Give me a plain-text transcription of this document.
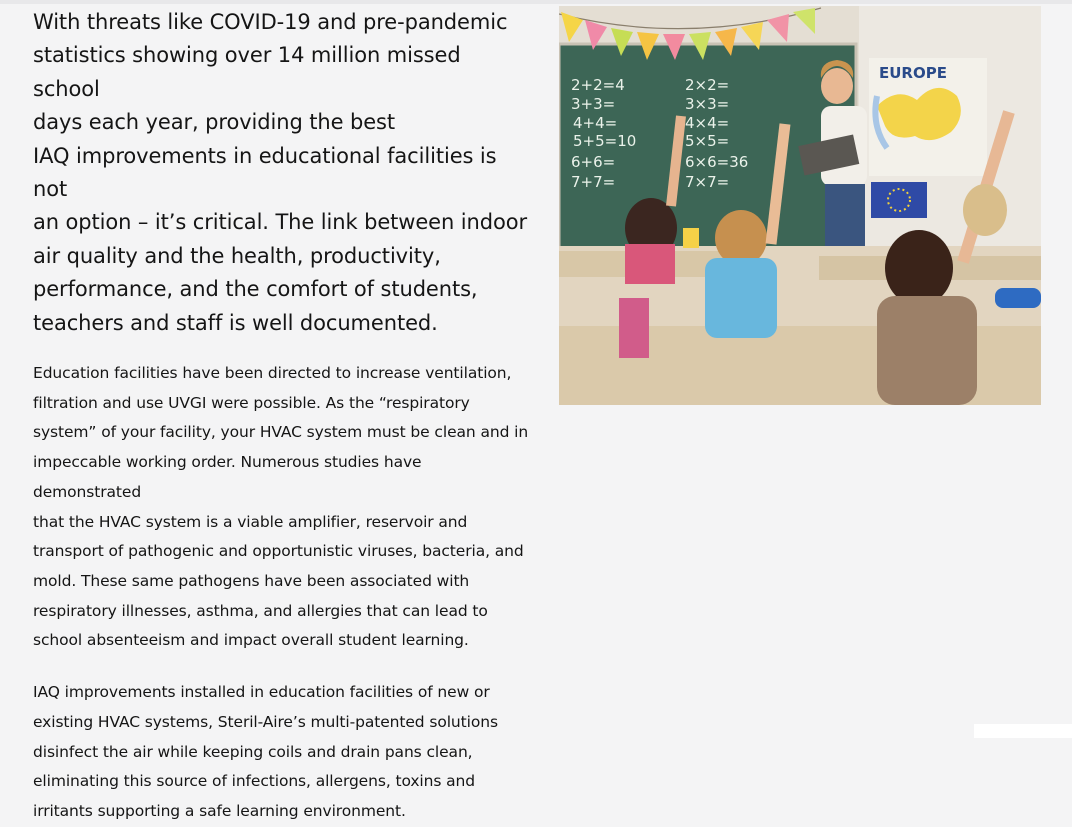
With threats like COVID-19 and pre-pandemic
statistics showing over 14 million missed school
days each year, providing the best
IAQ improvements in educational facilities is not
an option – it’s critical. The link between indoor
air quality and the health, productivity,
performance, and the comfort of students,
teachers and staff is well documented.

Education facilities have been directed to increase ventilation,
filtration and use UVGI were possible. As the “respiratory
system” of your facility, your HVAC system must be clean and in
impeccable working order. Numerous studies have demonstrated
that the HVAC system is a viable amplifier, reservoir and
transport of pathogenic and opportunistic viruses, bacteria, and
mold. These same pathogens have been associated with
respiratory illnesses, asthma, and allergies that can lead to
school absenteeism and impact overall student learning.

IAQ improvements installed in education facilities of new or
existing HVAC systems, Steril-Aire’s multi-patented solutions
disinfect the air while keeping coils and drain pans clean,
eliminating this source of infections, allergens, toxins and
irritants supporting a safe learning environment.

2+2=4
3+3=
4+4=
5+5=10
6+6=
7+7=
2×2=
3×3=
4×4=
5×5=
6×6=36
7×7=
EUROPE
